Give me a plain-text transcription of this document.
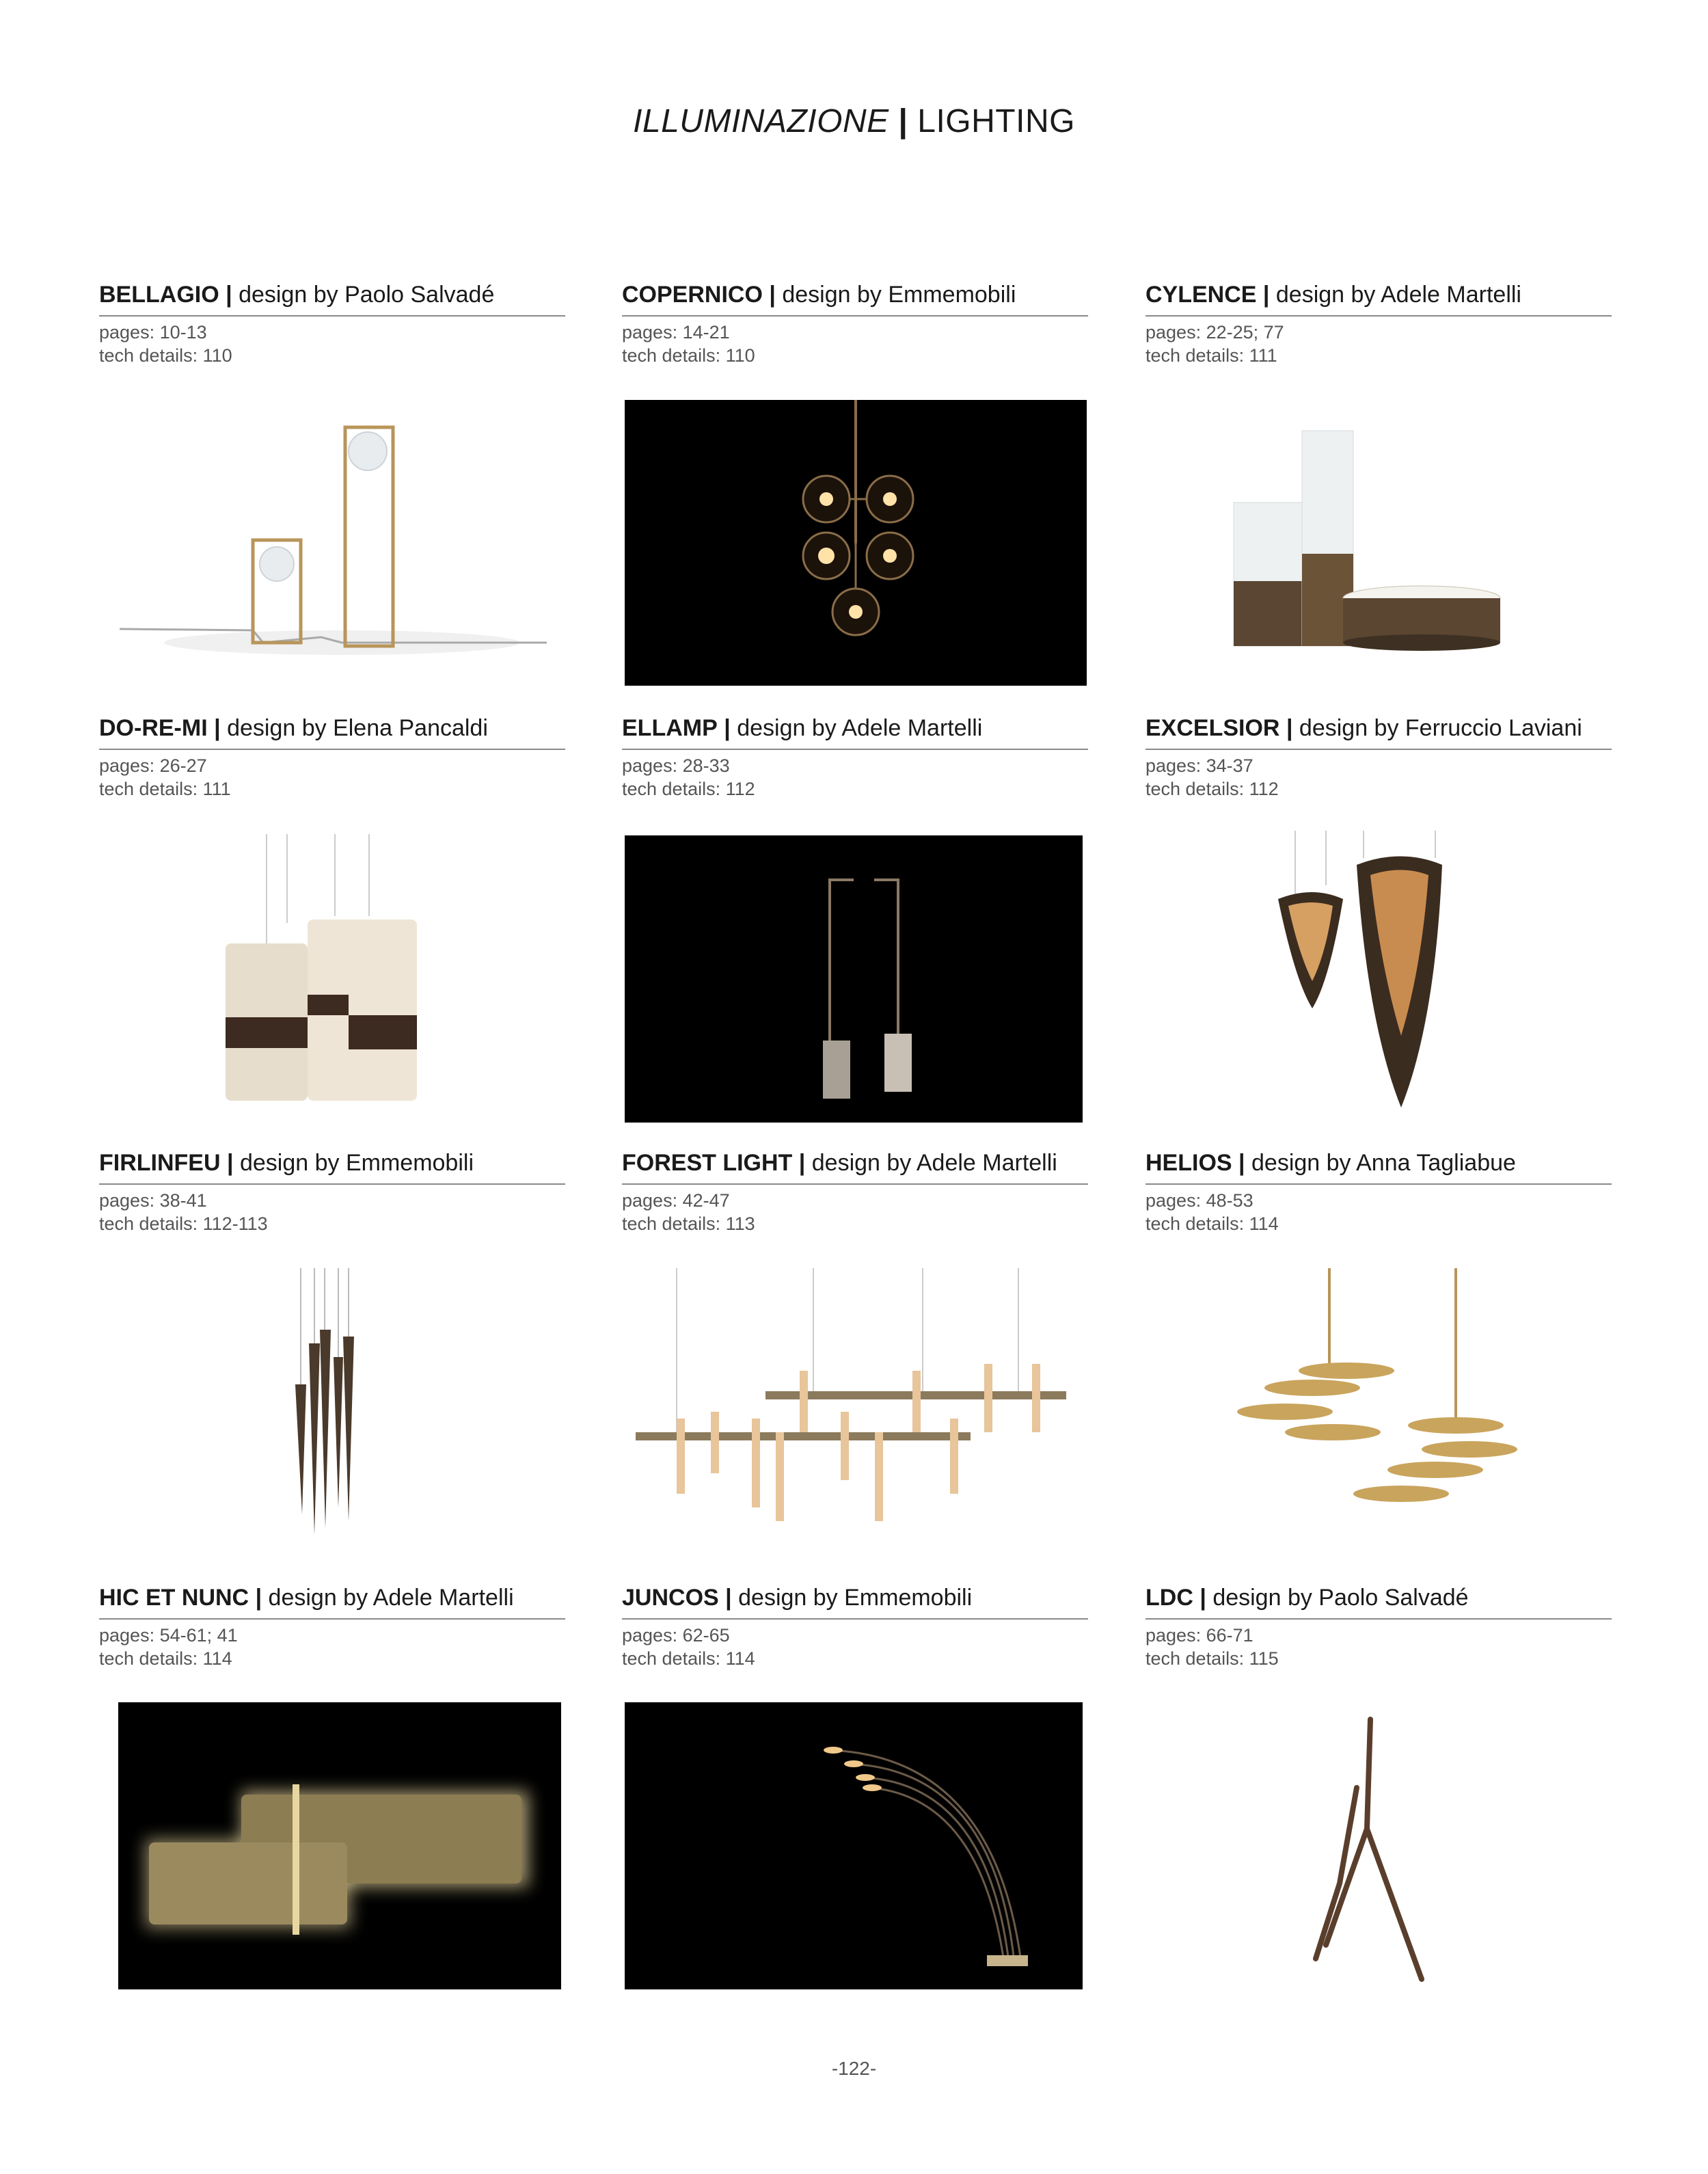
ILLUMINAZIONE | LIGHTING
BELLAGIO | design by Paolo Salvadé
pages: 10-13
tech details: 110
COPERNICO | design by Emmemobili
pages: 14-21
tech details: 110
CYLENCE | design by Adele Martelli
pages: 22-25; 77
tech details: 111
DO-RE-MI | design by Elena Pancaldi
pages: 26-27
tech details: 111
ELLAMP | design by Adele Martelli
pages: 28-33
tech details: 112
EXCELSIOR | design by Ferruccio Laviani
pages: 34-37
tech details: 112
FIRLINFEU | design by Emmemobili
pages: 38-41
tech details: 112-113
FOREST LIGHT | design by Adele Martelli
pages: 42-47
tech details: 113
HELIOS | design by Anna Tagliabue
pages: 48-53
tech details: 114
HIC ET NUNC | design by Adele Martelli
pages: 54-61; 41
tech details: 114
JUNCOS | design by Emmemobili
pages: 62-65
tech details: 114
LDC | design by Paolo Salvadé
pages: 66-71
tech details: 115
-122-
